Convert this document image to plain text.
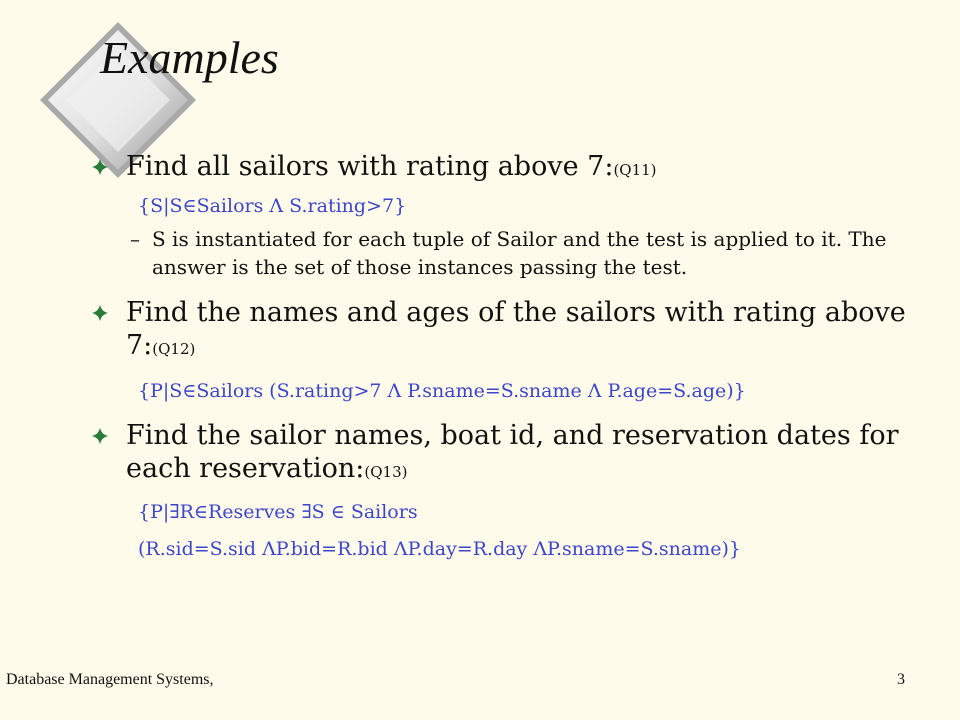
Examples
Find all sailors with rating above 7:(Q11)
{S|S∈Sailors Λ S.rating>7}
– S is instantiated for each tuple of Sailor and the test is applied to it. The answer is the set of those instances passing the test.
Find the names and ages of the sailors with rating above 7:(Q12)
{P|S∈Sailors (S.rating>7 Λ P.sname=S.sname Λ P.age=S.age)}
Find the sailor names, boat id, and reservation dates for each reservation:(Q13)
{P|∃R∈Reserves ∃S ∈ Sailors
(R.sid=S.sid ΛP.bid=R.bid ΛP.day=R.day ΛP.sname=S.sname)}
Database Management Systems,	3
